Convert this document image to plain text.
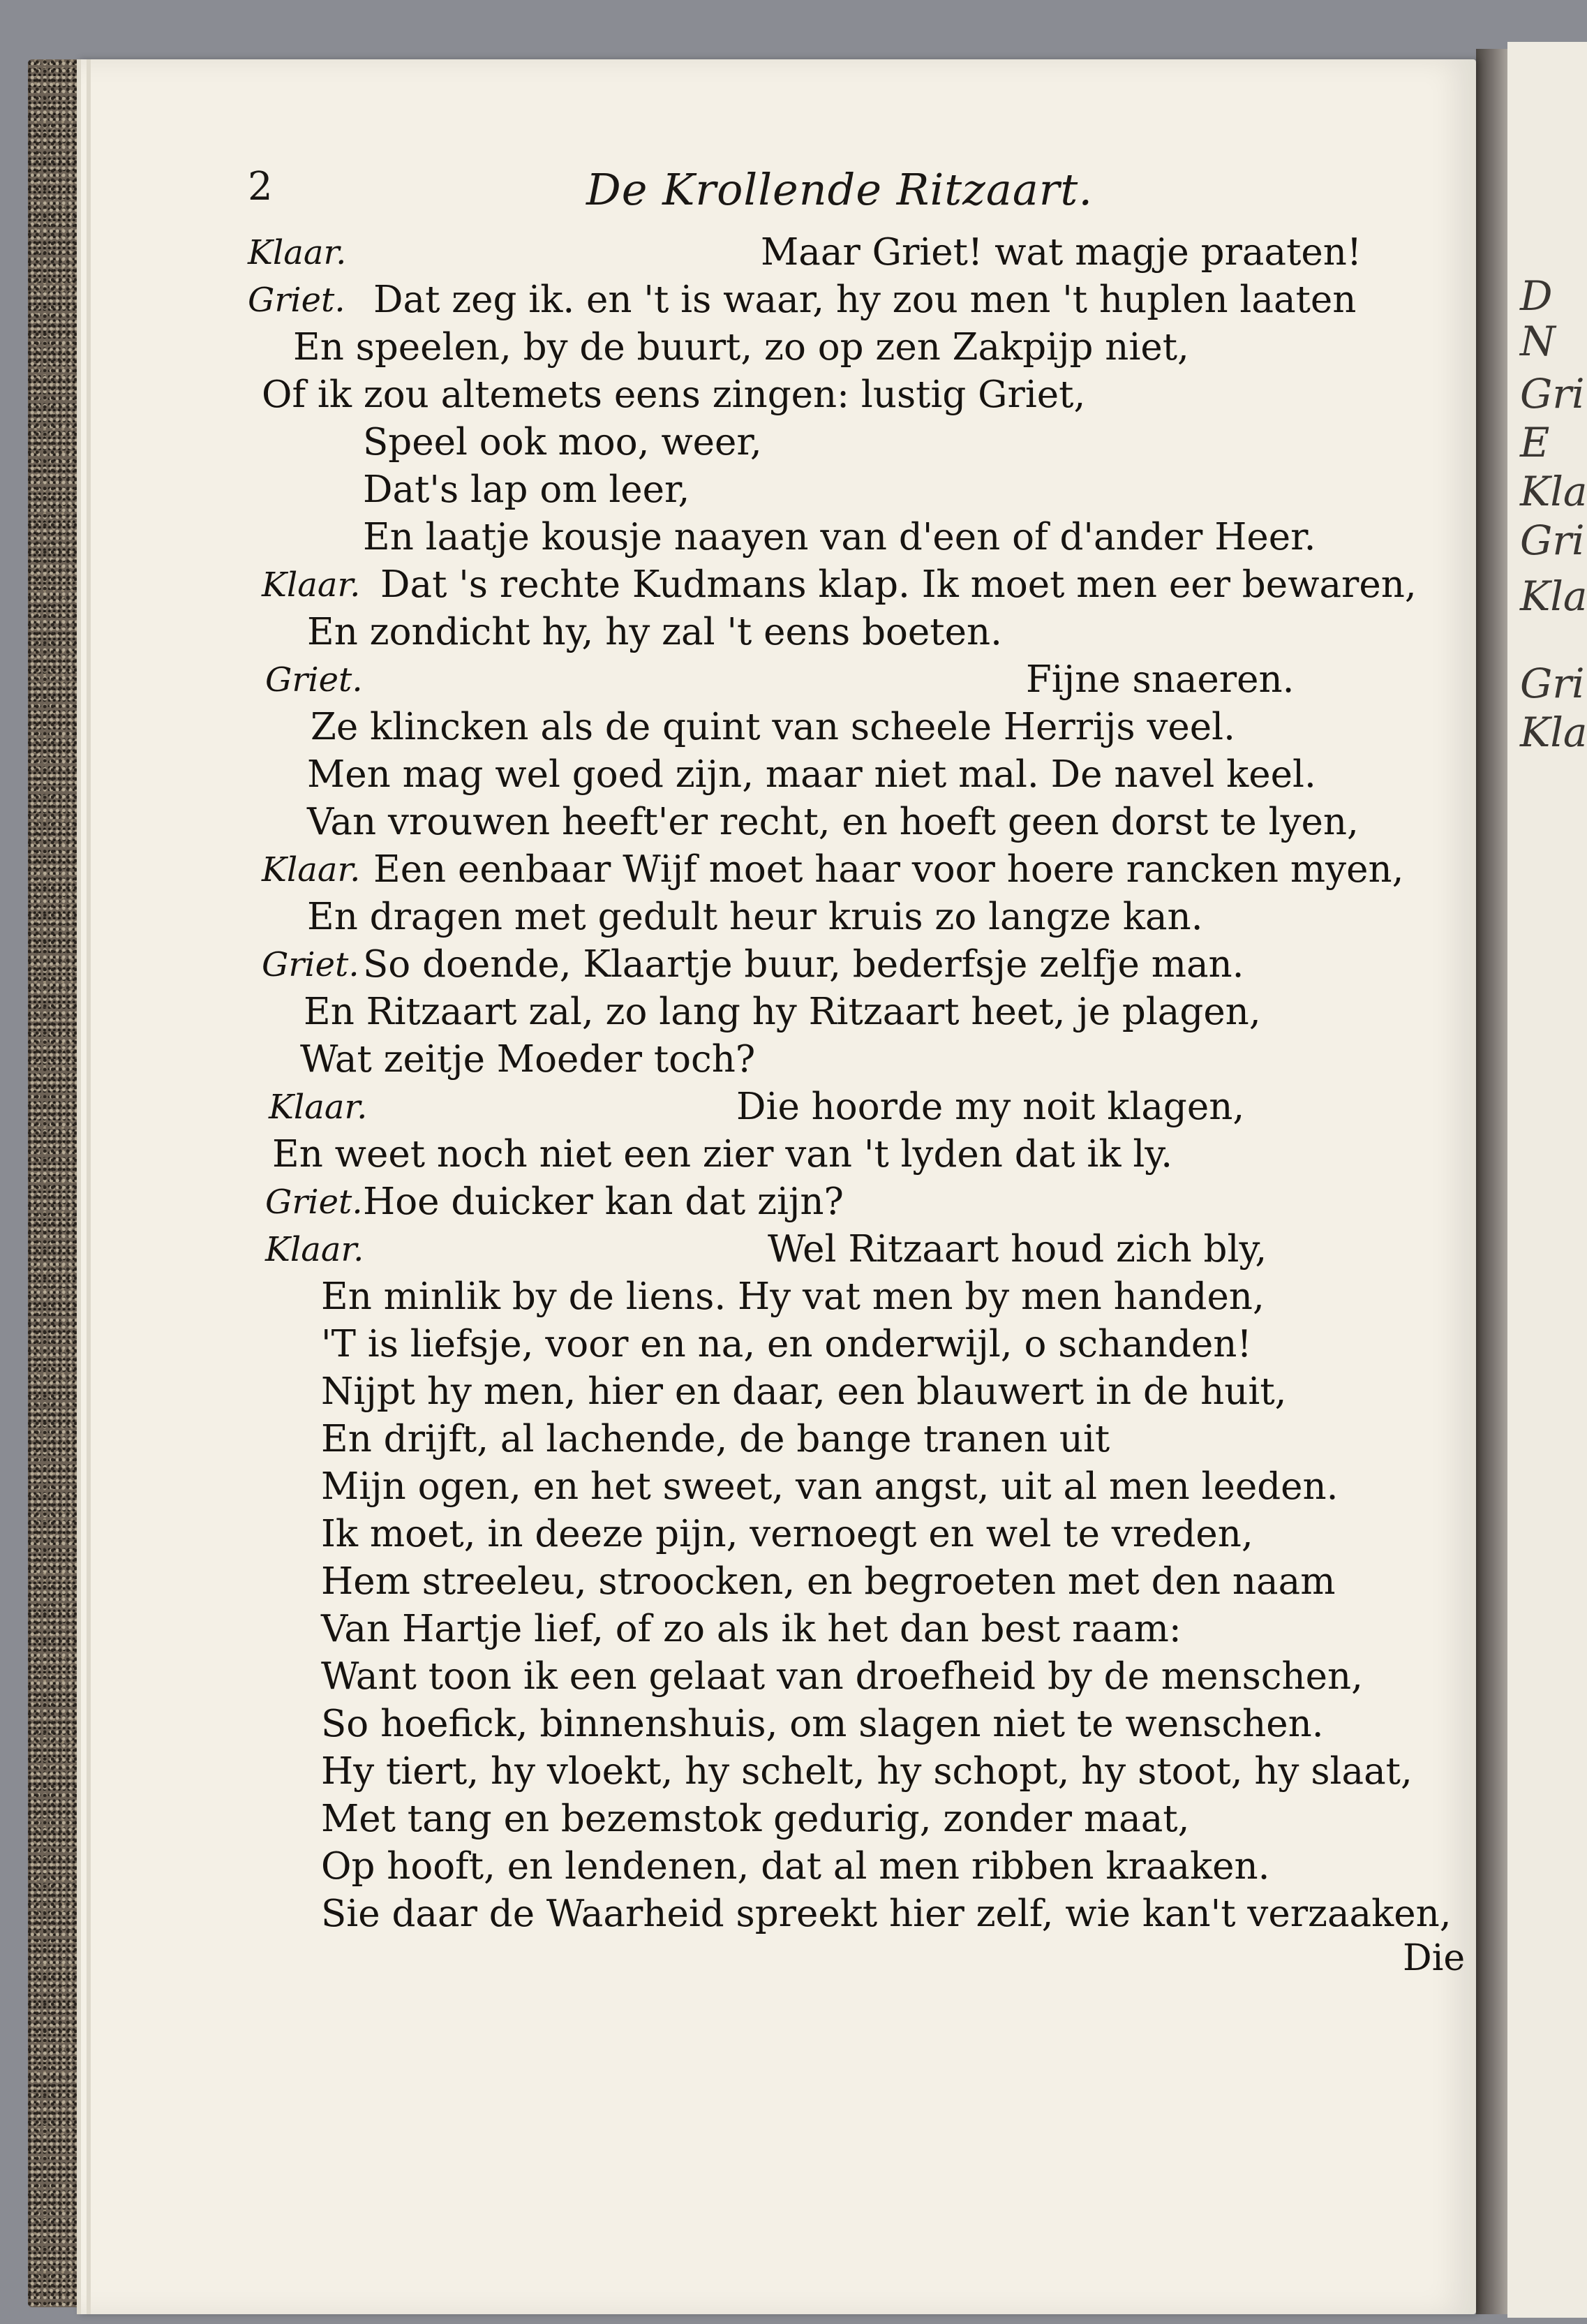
D
N
Gri
E
Kla
Gri
Kla
Gri
Kla
2	De Krollende Ritzaart.
Klaar.	Maar Griet! wat magje praaten!
Griet. Dat zeg ik. en 't is waar, hy zou men 't huplen laaten
En speelen, by de buurt, zo op zen Zakpijp niet,
Of ik zou altemets eens zingen: lustig Griet,
Speel ook moo, weer,
Dat's lap om leer,
En laatje kousje naayen van d'een of d'ander Heer.
Klaar. Dat 's rechte Kudmans klap. Ik moet men eer bewaren,
En zondicht hy, hy zal 't eens boeten.
Griet.	Fijne snaeren.
Ze klincken als de quint van scheele Herrijs veel.
Men mag wel goed zijn, maar niet mal. De navel keel.
Van vrouwen heeft'er recht, en hoeft geen dorst te lyen,
Klaar. Een eenbaar Wijf moet haar voor hoere rancken myen,
En dragen met gedult heur kruis zo langze kan.
Griet. So doende, Klaartje buur, bederfsje zelfje man.
En Ritzaart zal, zo lang hy Ritzaart heet, je plagen,
Wat zeitje Moeder toch?
Klaar.	Die hoorde my noit klagen,
En weet noch niet een zier van 't lyden dat ik ly.
Griet. Hoe duicker kan dat zijn?
Klaar.	Wel Ritzaart houd zich bly,
En minlik by de liens. Hy vat men by men handen,
'T is liefsje, voor en na, en onderwijl, o schanden!
Nijpt hy men, hier en daar, een blauwert in de huit,
En drijft, al lachende, de bange tranen uit
Mijn ogen, en het sweet, van angst, uit al men leeden.
Ik moet, in deeze pijn, vernoegt en wel te vreden,
Hem streeleu, stroocken, en begroeten met den naam
Van Hartje lief, of zo als ik het dan best raam:
Want toon ik een gelaat van droefheid by de menschen,
So hoefick, binnenshuis, om slagen niet te wenschen.
Hy tiert, hy vloekt, hy schelt, hy schopt, hy stoot, hy slaat,
Met tang en bezemstok gedurig, zonder maat,
Op hooft, en lendenen, dat al men ribben kraaken.
Sie daar de Waarheid spreekt hier zelf, wie kan't verzaaken,
Die
